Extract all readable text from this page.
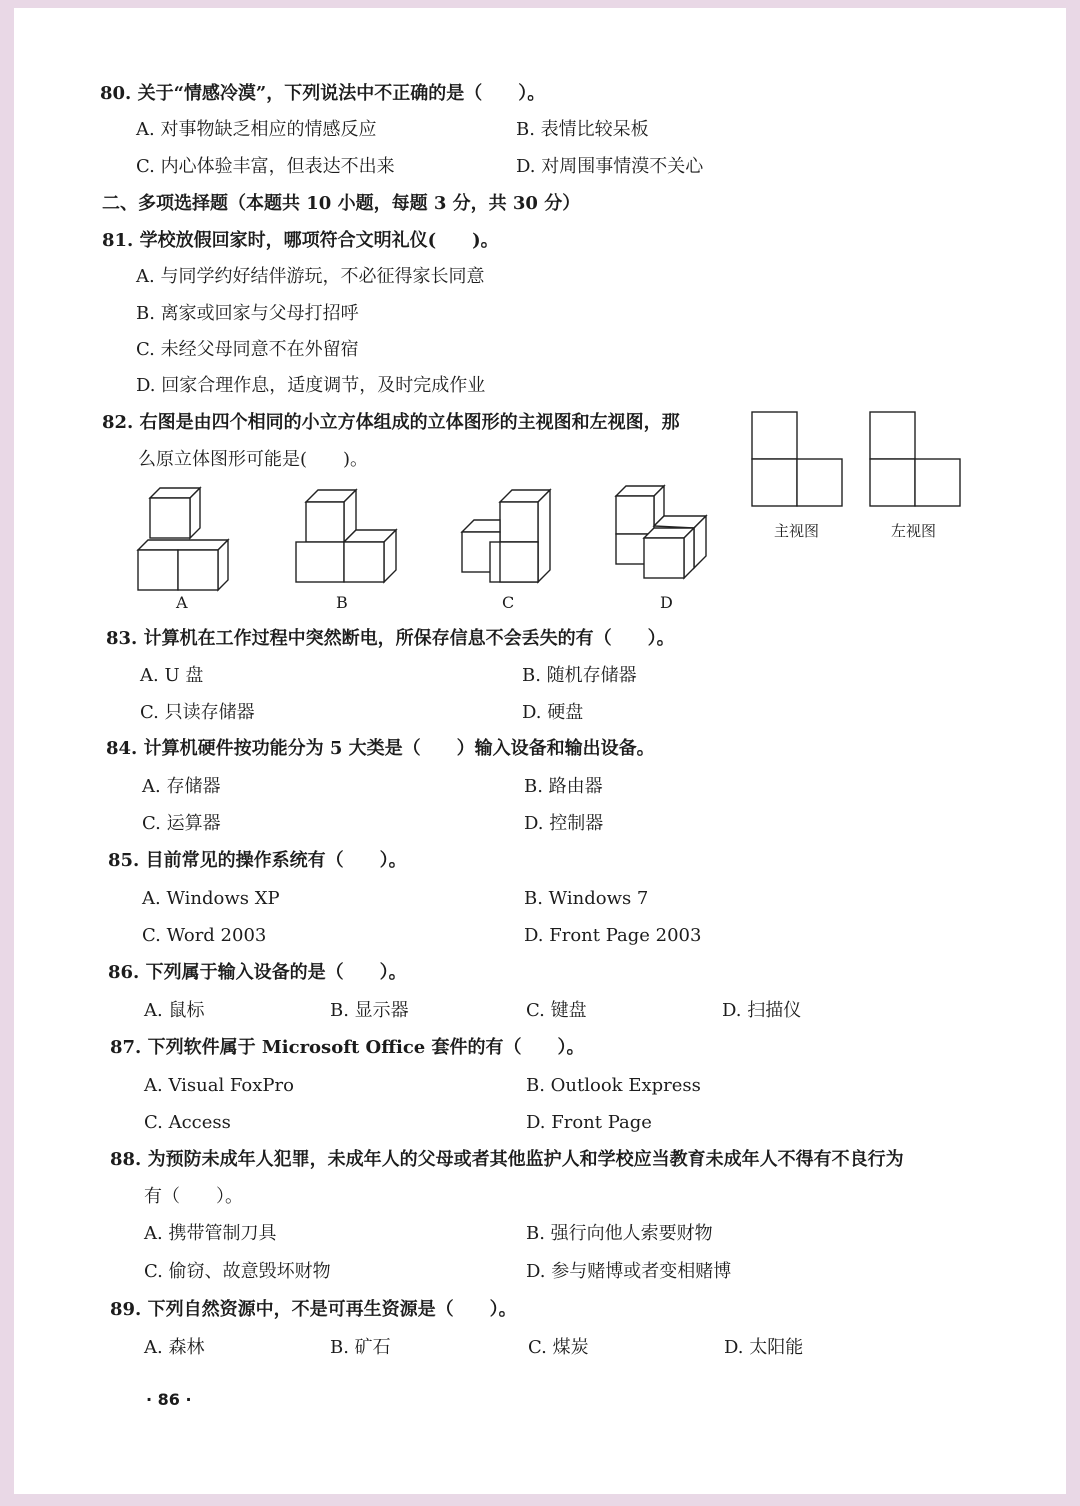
80. 关于“情感冷漠”，下列说法中不正确的是（　　）。
A. 对事物缺乏相应的情感反应	B. 表情比较呆板
C. 内心体验丰富，但表达不出来	D. 对周围事情漠不关心
二、多项选择题（本题共 10 小题，每题 3 分，共 30 分）
81. 学校放假回家时，哪项符合文明礼仪(　　)。
A. 与同学约好结伴游玩，不必征得家长同意
B. 离家或回家与父母打招呼
C. 未经父母同意不在外留宿
D. 回家合理作息，适度调节，及时完成作业
82. 右图是由四个相同的小立方体组成的立体图形的主视图和左视图，那
么原立体图形可能是(　　)。
A	B	C	D
主视图	左视图
83. 计算机在工作过程中突然断电，所保存信息不会丢失的有（　　）。
A. U 盘	B. 随机存储器
C. 只读存储器	D. 硬盘
84. 计算机硬件按功能分为 5 大类是（　　）输入设备和输出设备。
A. 存储器	B. 路由器
C. 运算器	D. 控制器
85. 目前常见的操作系统有（　　）。
A. Windows XP	B. Windows 7
C. Word 2003	D. Front Page 2003
86. 下列属于输入设备的是（　　）。
A. 鼠标	B. 显示器	C. 键盘	D. 扫描仪
87. 下列软件属于 Microsoft Office 套件的有（　　）。
A. Visual FoxPro	B. Outlook Express
C. Access	D. Front Page
88. 为预防未成年人犯罪，未成年人的父母或者其他监护人和学校应当教育未成年人不得有不良行为
有（　　）。
A. 携带管制刀具	B. 强行向他人索要财物
C. 偷窃、故意毁坏财物	D. 参与赌博或者变相赌博
89. 下列自然资源中，不是可再生资源是（　　）。
A. 森林	B. 矿石	C. 煤炭	D. 太阳能
· 86 ·
